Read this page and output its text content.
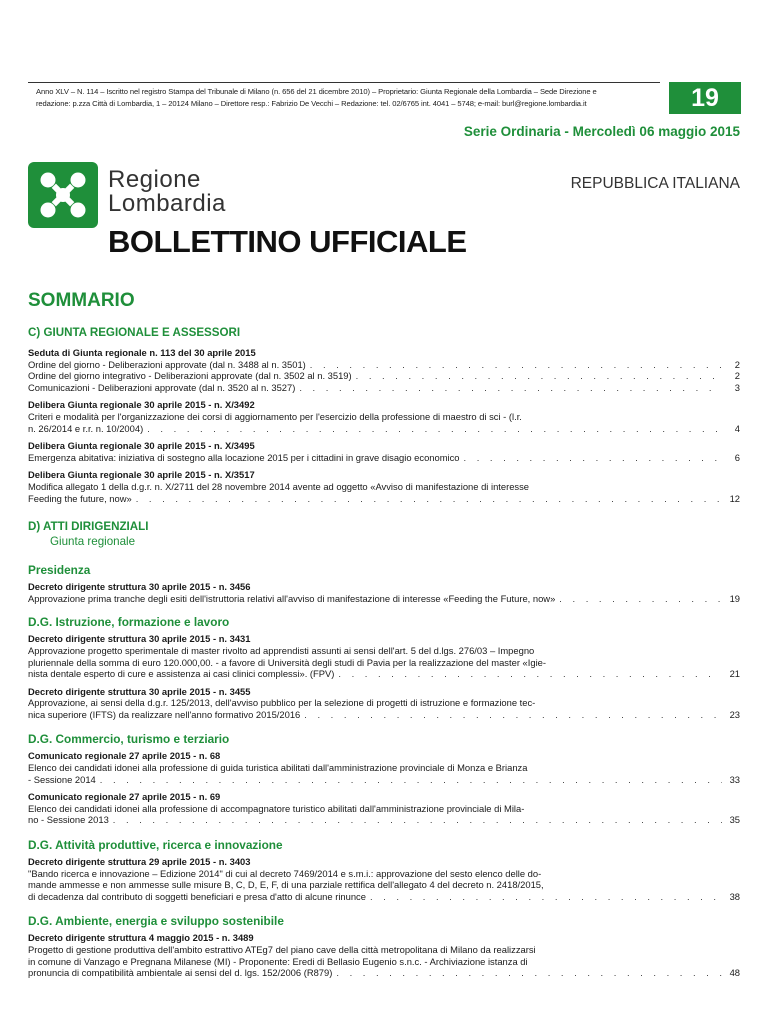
Anno XLV – N. 114 – Iscritto nel registro Stampa del Tribunale di Milano (n. 656 del 21 dicembre 2010) – Proprietario: Giunta Regionale della Lombardia – Sede Direzione e
redazione: p.zza Città di Lombardia, 1 – 20124 Milano – Direttore resp.: Fabrizio De Vecchi – Redazione: tel. 02/6765 int. 4041 – 5748; e-mail: burl@regione.lombardia.it	19
Serie Ordinaria - Mercoledì 06 maggio 2015
Regione
Lombardia
REPUBBLICA ITALIANA
BOLLETTINO UFFICIALE
SOMMARIO
C) GIUNTA REGIONALE E ASSESSORI
Seduta di Giunta regionale n. 113 del 30 aprile 2015
Ordine del giorno - Deliberazioni approvate (dal n. 3488 al n. 3501) . . .	2
Ordine del giorno integrativo - Deliberazioni approvate (dal n. 3502 al n. 3519) . . .	2
Comunicazioni - Deliberazioni approvate (dal n. 3520 al n. 3527) . . .	3
Delibera Giunta regionale 30 aprile 2015 - n. X/3492
Criteri e modalità per l'organizzazione dei corsi di aggiornamento per l'esercizio della professione di maestro di sci - (l.r.
n. 26/2014 e r.r. n. 10/2004) . . .	4
Delibera Giunta regionale 30 aprile 2015 - n. X/3495
Emergenza abitativa: iniziativa di sostegno alla locazione 2015 per i cittadini in grave disagio economico . . .	6
Delibera Giunta regionale 30 aprile 2015 - n. X/3517
Modifica allegato 1 della d.g.r. n. X/2711 del 28 novembre 2014 avente ad oggetto «Avviso di manifestazione di interesse
Feeding the future, now» . . .	12
D) ATTI DIRIGENZIALI
Giunta regionale
Presidenza
Decreto dirigente struttura 30 aprile 2015 - n. 3456
Approvazione prima tranche degli esiti dell'istruttoria relativi all'avviso di manifestazione di interesse «Feeding the Future, now» . . .	19
D.G. Istruzione, formazione e lavoro
Decreto dirigente struttura 30 aprile 2015 - n. 3431
Approvazione progetto sperimentale di master rivolto ad apprendisti assunti ai sensi dell'art. 5 del d.lgs. 276/03 – Impegno
pluriennale della somma di euro 120.000,00. - a favore di Università degli studi di Pavia per la realizzazione del master «Igie-
nista dentale esperto di cure e assistenza ai casi clinici complessi». (FPV) . . .	21
Decreto dirigente struttura 30 aprile 2015 - n. 3455
Approvazione, ai sensi della d.g.r. 125/2013, dell'avviso pubblico per la selezione di progetti di istruzione e formazione tec-
nica superiore (IFTS) da realizzare nell'anno formativo 2015/2016 . . .	23
D.G. Commercio, turismo e terziario
Comunicato regionale 27 aprile 2015 - n. 68
Elenco dei candidati idonei alla professione di guida turistica abilitati dall'amministrazione provinciale di Monza e Brianza
- Sessione 2014 . . .	33
Comunicato regionale 27 aprile 2015 - n. 69
Elenco dei candidati idonei alla professione di accompagnatore turistico abilitati dall'amministrazione provinciale di Mila-
no - Sessione 2013 . . .	35
D.G. Attività produttive, ricerca e innovazione
Decreto dirigente struttura 29 aprile 2015 - n. 3403
"Bando ricerca e innovazione – Edizione 2014" di cui al decreto 7469/2014 e s.m.i.: approvazione del sesto elenco delle do-
mande ammesse e non ammesse sulle misure B, C, D, E, F, di una parziale rettifica dell'allegato 4 del decreto n. 2418/2015,
di decadenza dal contributo di soggetti beneficiari e presa d'atto di alcune rinunce . . .	38
D.G. Ambiente, energia e sviluppo sostenibile
Decreto dirigente struttura 4 maggio 2015 - n. 3489
Progetto di gestione produttiva dell'ambito estrattivo ATEg7 del piano cave della città metropolitana di Milano da realizzarsi
in comune di Vanzago e Pregnana Milanese (MI) - Proponente: Eredi di Bellasio Eugenio s.n.c. - Archiviazione istanza di
pronuncia di compatibilità ambientale ai sensi del d. lgs. 152/2006 (R879) . . .	48
